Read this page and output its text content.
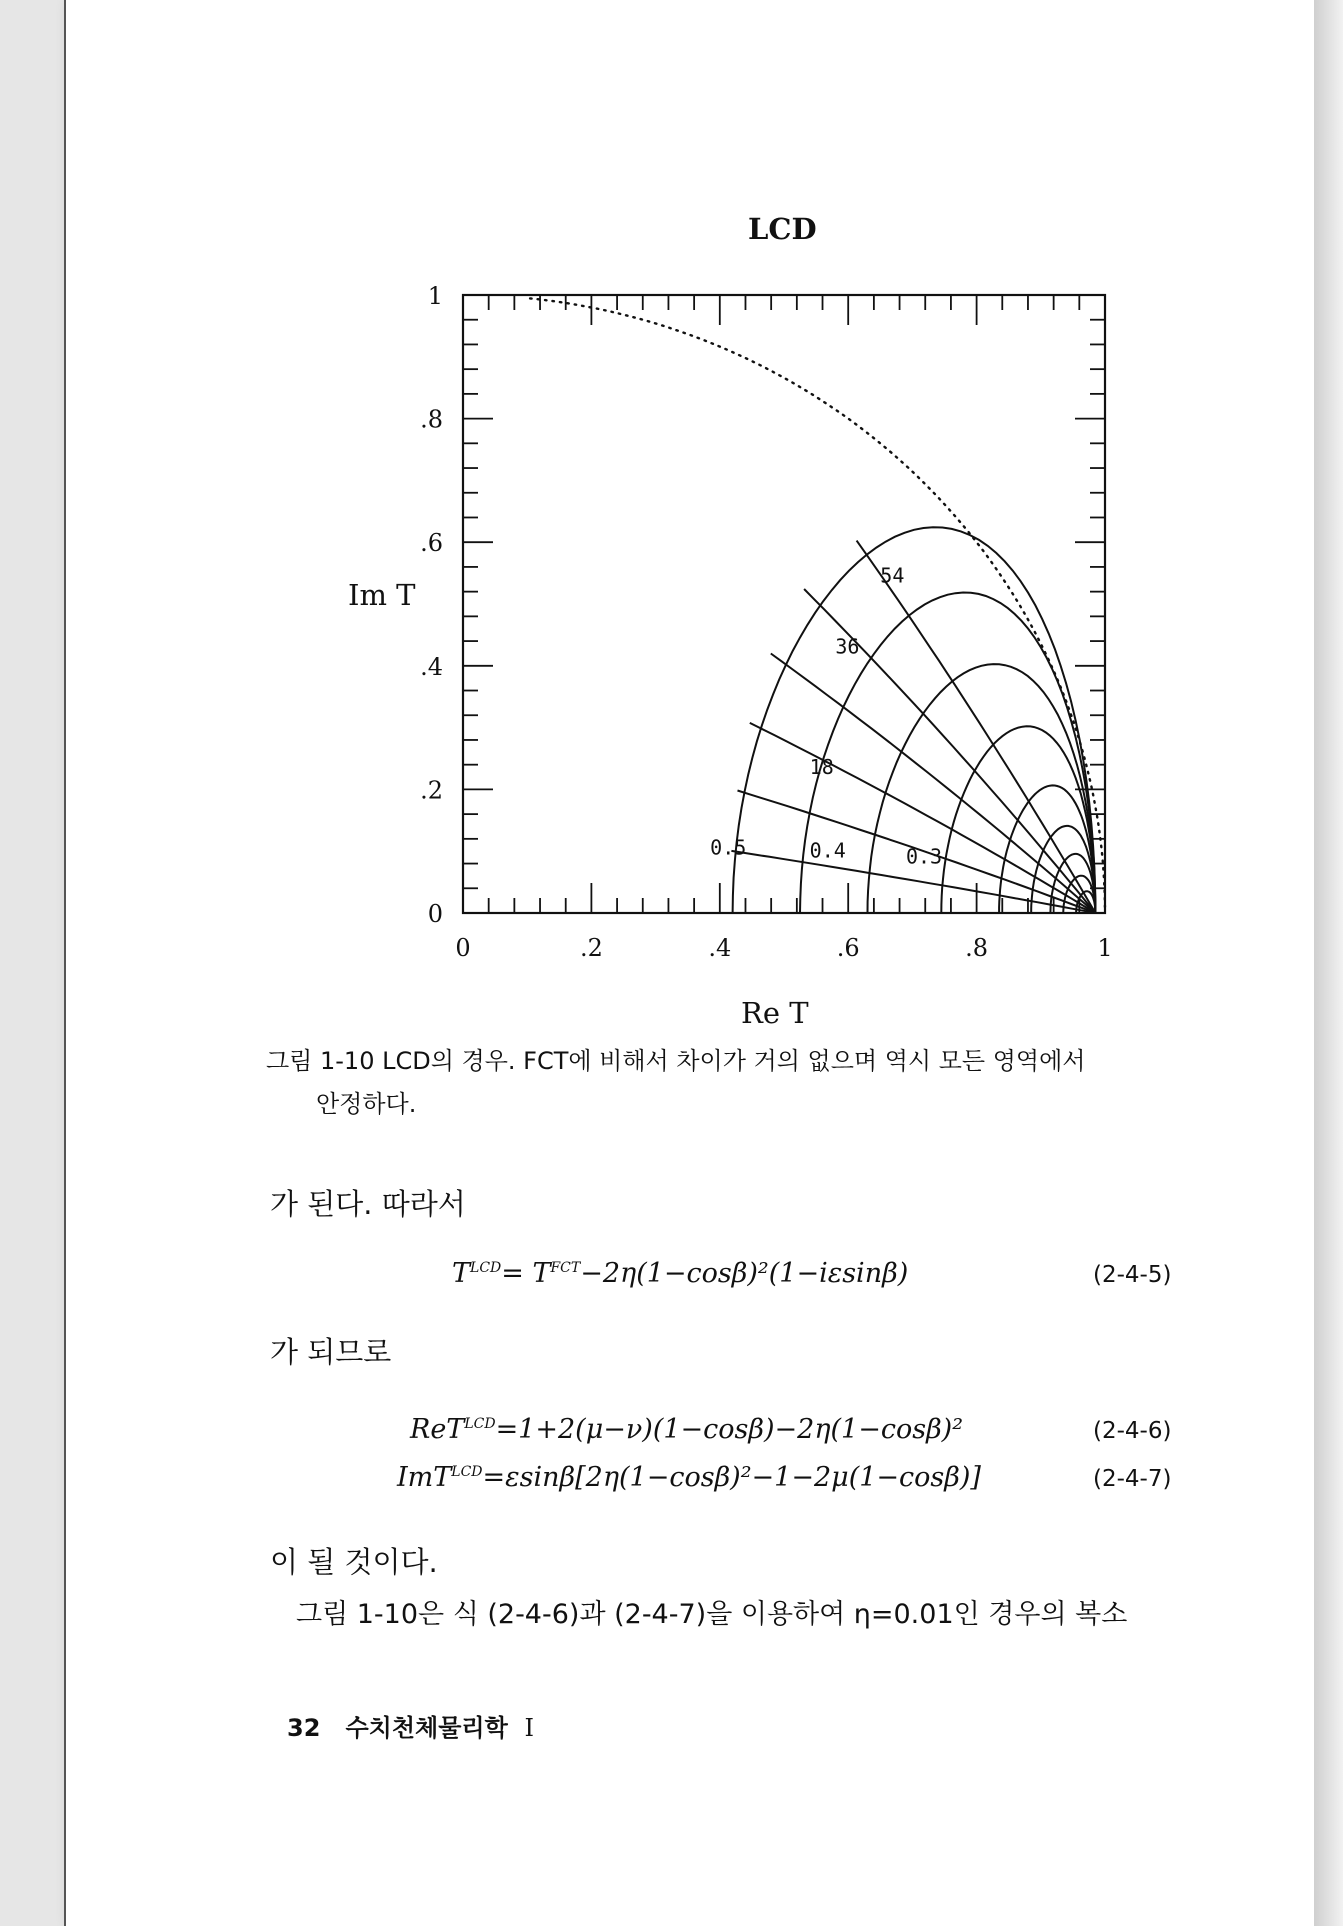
LCD
0	.2	.4	.6	.8	1
0
.2
.4
.6
.8
1
0.5	0.4	0.3
18
36
54
Im T
Re T
그림 1-10 LCD의 경우. FCT에 비해서 차이가 거의 없으며 역시 모든 영역에서
안정하다.
가 된다. 따라서
$T^{LCD}= T^{FCT}-2\eta(1-\cos\beta)^2(1-i\varepsilon\sin\beta)$	(2-4-5)
가 되므로
ReT$^{LCD}$=1+2(μ−ν)(1−cosβ)−2η(1−cosβ)²	(2-4-6)
ImT$^{LCD}$=εsinβ[2η(1−cosβ)²−1−2μ(1−cosβ)]	(2-4-7)
이 될 것이다.
그림 1-10은 식 (2-4-6)과 (2-4-7)을 이용하여 η=0.01인 경우의 복소
32 수치천체물리학 I
